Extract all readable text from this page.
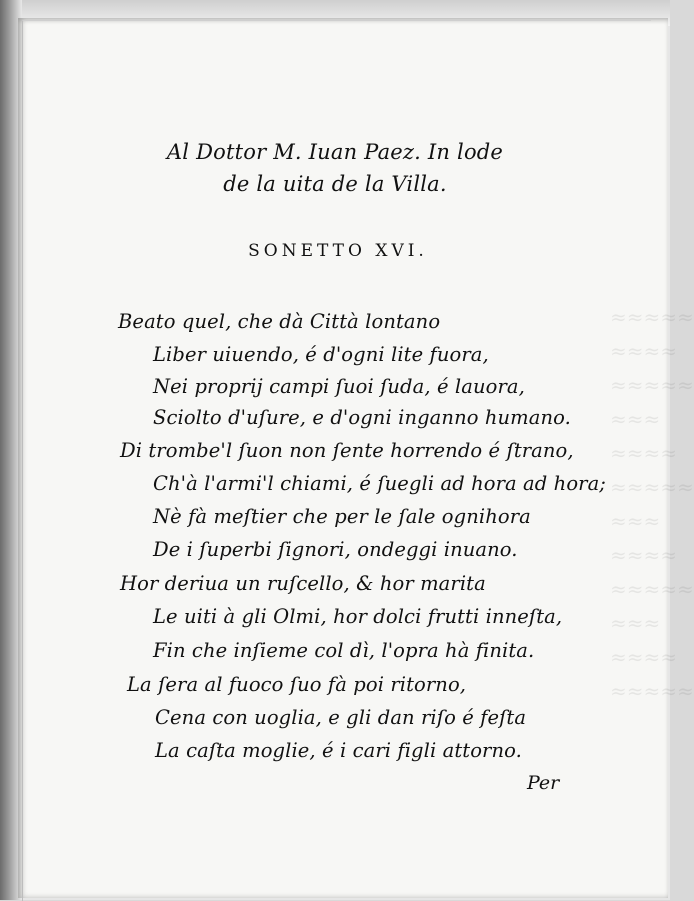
≈≈≈≈≈
≈≈≈≈
≈≈≈≈≈
≈≈≈
≈≈≈≈
≈≈≈≈≈
≈≈≈
≈≈≈≈
≈≈≈≈≈
≈≈≈
≈≈≈≈
≈≈≈≈≈
Al Dottor M. Iuan Paez. In lode
de la uita de la Villa.
SONETTO XVI.
Beato quel, che dà Città lontano
Liber uiuendo, é d'ogni lite fuora,
Nei proprij campi ſuoi ſuda, é lauora,
Sciolto d'uſure, e d'ogni inganno humano.
Di trombe'l ſuon non ſente horrendo é ſtrano,
Ch'à l'armi'l chiami, é ſuegli ad hora ad hora;
Nè fà meſtier che per le ſale ognihora
De i ſuperbi ſignori, ondeggi inuano.
Hor deriua un ruſcello, & hor marita
Le uiti à gli Olmi, hor dolci frutti inneſta,
Fin che inſieme col dì, l'opra hà finita.
La ſera al fuoco ſuo fà poi ritorno,
Cena con uoglia, e gli dan riſo é feſta
La caſta moglie, é i cari figli attorno.
Per
